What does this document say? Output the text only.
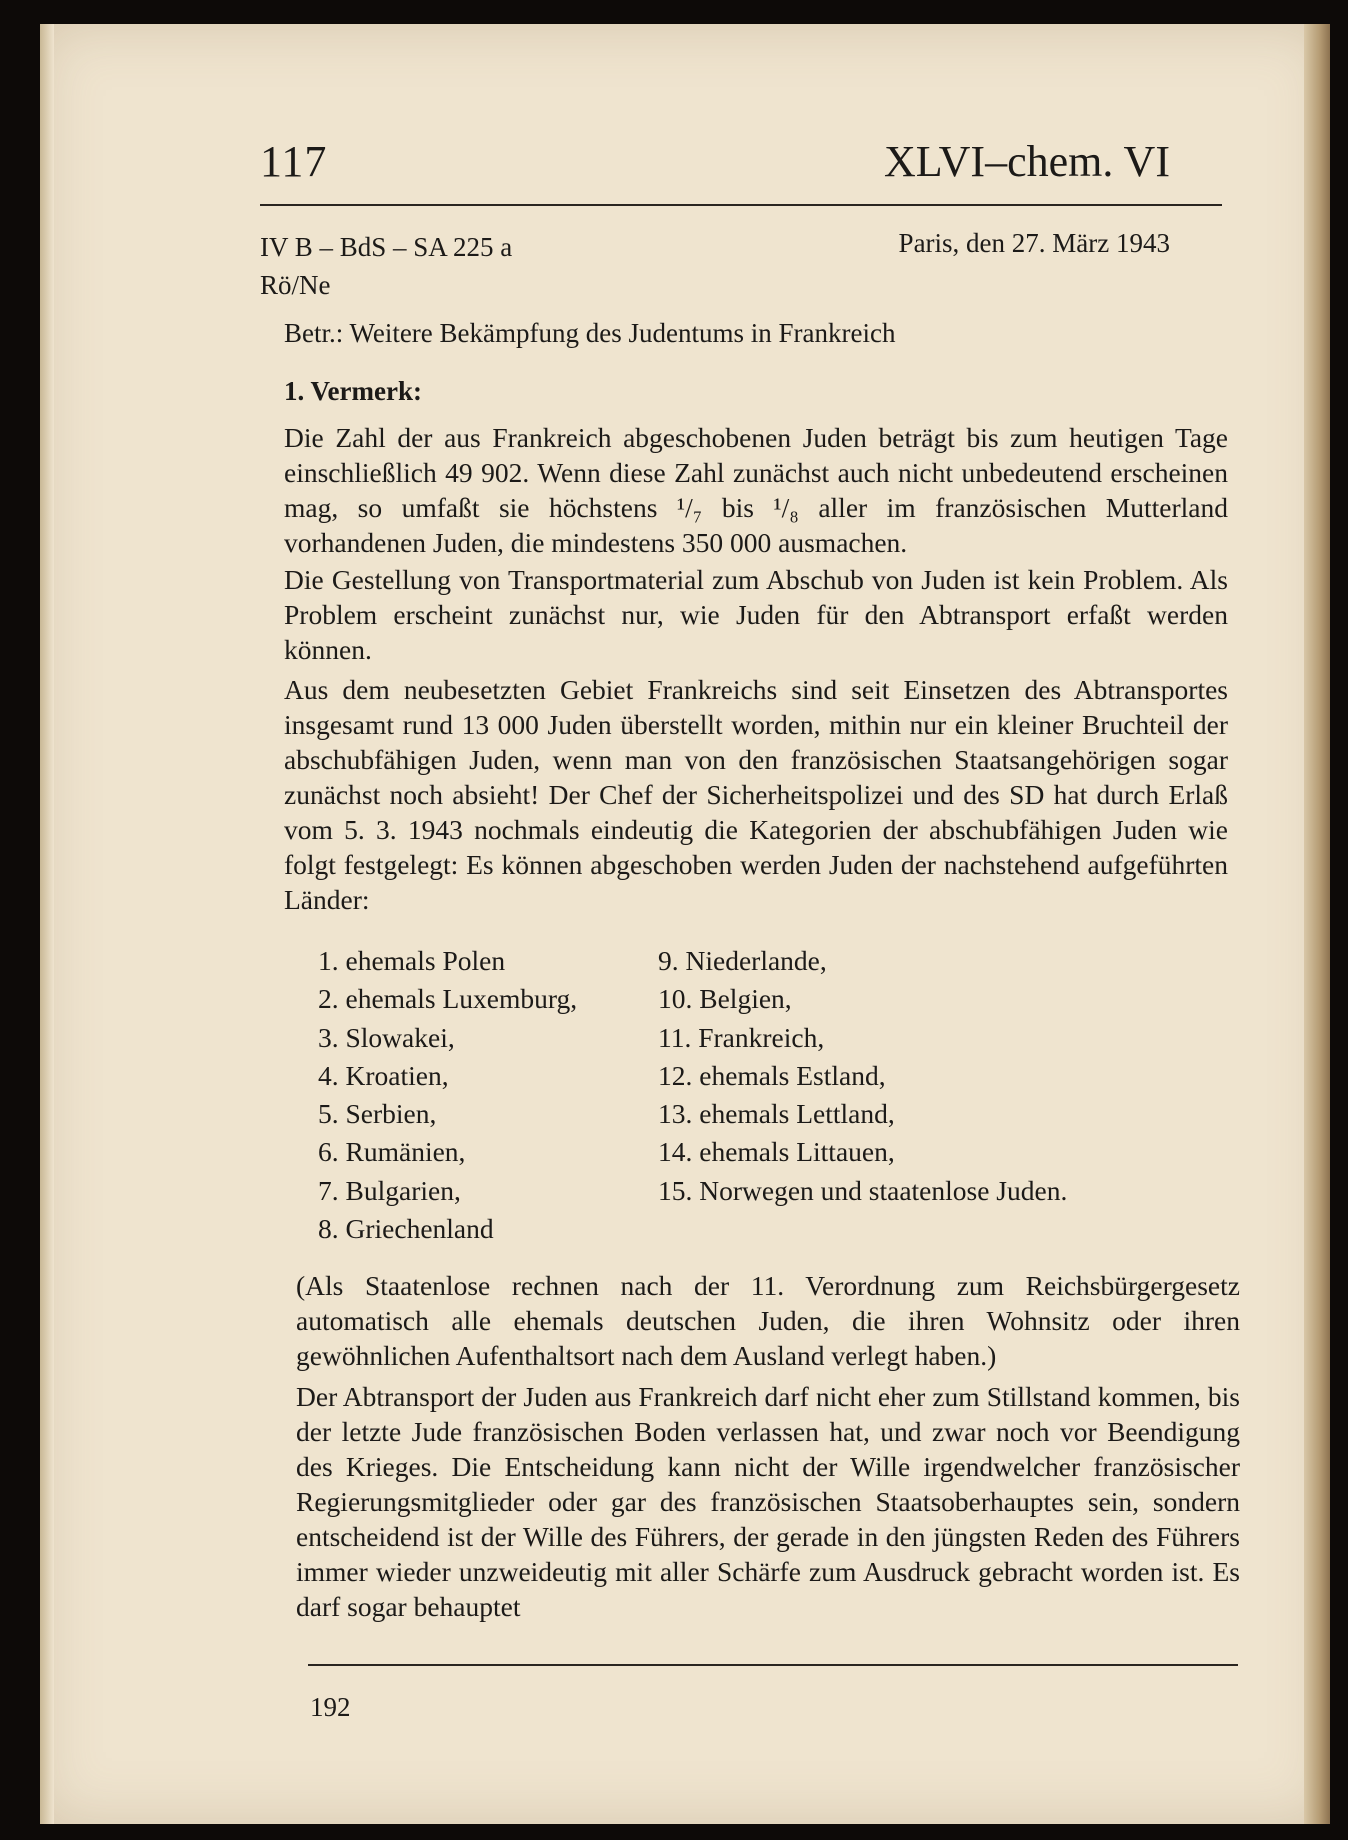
117	XLVI–chem. VI
IV B – BdS – SA 225 a
Rö/Ne
Paris, den 27. März 1943
Betr.: Weitere Bekämpfung des Judentums in Frankreich
1. Vermerk:

Die Zahl der aus Frankreich abgeschobenen Juden beträgt bis zum heutigen Tage einschließlich 49 902. Wenn diese Zahl zunächst auch nicht unbedeutend erscheinen mag, so umfaßt sie höchstens ¹/₇ bis ¹/₈ aller im französischen Mutterland vorhandenen Juden, die mindestens 350 000 ausmachen.

Die Gestellung von Transportmaterial zum Abschub von Juden ist kein Problem. Als Problem erscheint zunächst nur, wie Juden für den Abtransport erfaßt werden können.

Aus dem neubesetzten Gebiet Frankreichs sind seit Einsetzen des Abtransportes insgesamt rund 13 000 Juden überstellt worden, mithin nur ein kleiner Bruchteil der abschubfähigen Juden, wenn man von den französischen Staatsangehörigen sogar zunächst noch absieht! Der Chef der Sicherheitspolizei und des SD hat durch Erlaß vom 5. 3. 1943 nochmals eindeutig die Kategorien der abschubfähigen Juden wie folgt festgelegt: Es können abgeschoben werden Juden der nachstehend aufgeführten Länder:

1. ehemals Polen
2. ehemals Luxemburg,
3. Slowakei,
4. Kroatien,
5. Serbien,
6. Rumänien,
7. Bulgarien,
8. Griechenland
9. Niederlande,
10. Belgien,
11. Frankreich,
12. ehemals Estland,
13. ehemals Lettland,
14. ehemals Littauen,
15. Norwegen und staatenlose Juden.

(Als Staatenlose rechnen nach der 11. Verordnung zum Reichsbürgergesetz automatisch alle ehemals deutschen Juden, die ihren Wohnsitz oder ihren gewöhnlichen Aufenthaltsort nach dem Ausland verlegt haben.)

Der Abtransport der Juden aus Frankreich darf nicht eher zum Stillstand kommen, bis der letzte Jude französischen Boden verlassen hat, und zwar noch vor Beendigung des Krieges. Die Entscheidung kann nicht der Wille irgendwelcher französischer Regierungsmitglieder oder gar des französischen Staatsoberhauptes sein, sondern entscheidend ist der Wille des Führers, der gerade in den jüngsten Reden des Führers immer wieder unzweideutig mit aller Schärfe zum Ausdruck gebracht worden ist. Es darf sogar behauptet

192
